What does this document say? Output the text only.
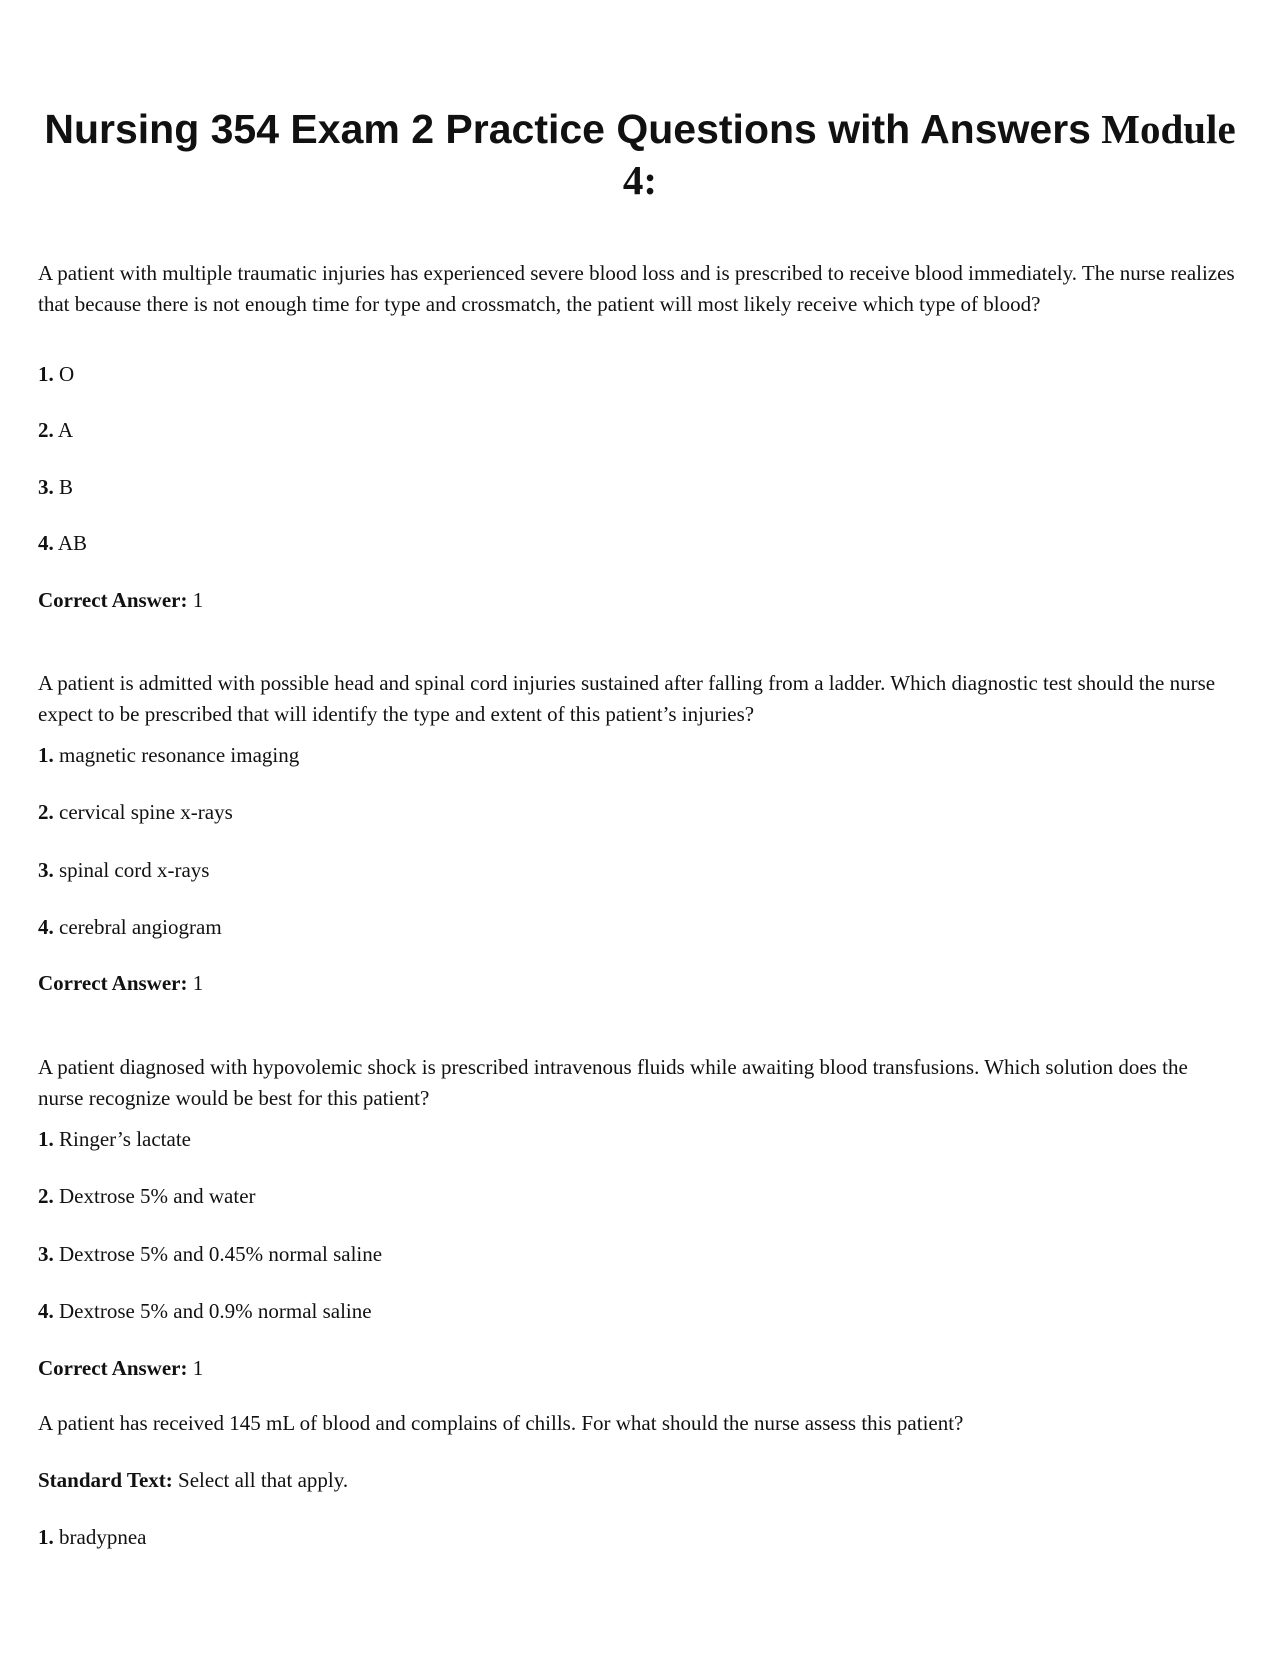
Nursing 354 Exam 2 Practice Questions with Answers Module 4:

A patient with multiple traumatic injuries has experienced severe blood loss and is prescribed to receive blood immediately. The nurse realizes that because there is not enough time for type and crossmatch, the patient will most likely receive which type of blood?

1. O

2. A

3. B

4. AB

Correct Answer: 1

A patient is admitted with possible head and spinal cord injuries sustained after falling from a ladder. Which diagnostic test should the nurse expect to be prescribed that will identify the type and extent of this patient’s injuries?

1. magnetic resonance imaging

2. cervical spine x-rays

3. spinal cord x-rays

4. cerebral angiogram

Correct Answer: 1

A patient diagnosed with hypovolemic shock is prescribed intravenous fluids while awaiting blood transfusions. Which solution does the nurse recognize would be best for this patient?

1. Ringer’s lactate

2. Dextrose 5% and water

3. Dextrose 5% and 0.45% normal saline

4. Dextrose 5% and 0.9% normal saline

Correct Answer: 1

A patient has received 145 mL of blood and complains of chills. For what should the nurse assess this patient?

Standard Text: Select all that apply.

1. bradypnea
